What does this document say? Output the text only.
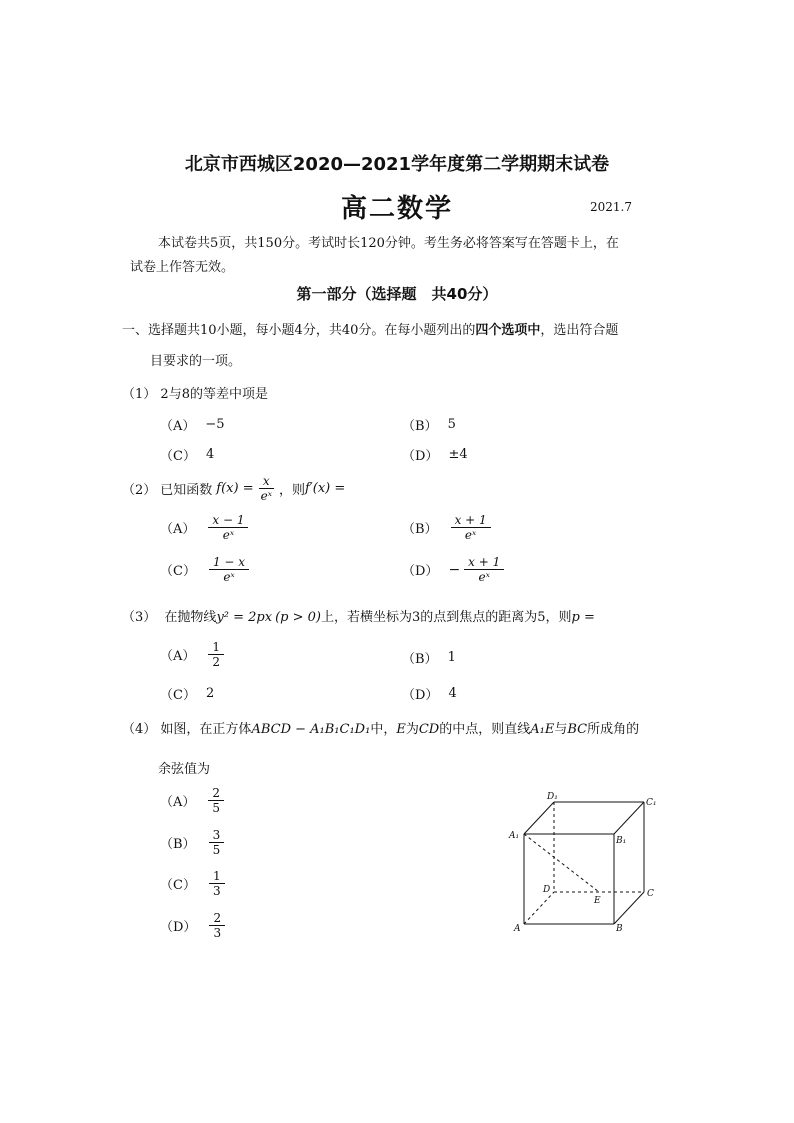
北京市西城区2020—2021学年度第二学期期末试卷
高二数学	2021.7
本试卷共5页，共150分。考试时长120分钟。考生务必将答案写在答题卡上，在
试卷上作答无效。
第一部分（选择题　共40分）
一、选择题共10小题，每小题4分，共40分。在每小题列出的四个选项中，选出符合题
目要求的一项。
（1） 2与8的等差中项是
（A） −5	（B） 5
（C） 4	（D） ±4
（2） 已知函数 $f(x) = \frac{x}{\text{eˣ}}$ ，则 f′(x) =
$(A) \frac{x - 1}{\text{eˣ}}$	$(B) \frac{x + 1}{\text{eˣ}}$
$(C) \frac{1 - x}{\text{eˣ}}$	$(D) - \frac{x + 1}{\text{eˣ}}$
（3） 在抛物线y² = 2px (p > 0)上，若横坐标为3的点到焦点的距离为5，则p =
$(A) \frac{1}{2}$	（B） 1
（C） 2	（D） 4
（4） 如图，在正方体ABCD − A₁B₁C₁D₁中，E为CD的中点，则直线A₁E与BC所成角的
余弦值为
$(A) \frac{2}{5}$
$(B) \frac{3}{5}$
$(C) \frac{1}{3}$
$(D) \frac{2}{3}$
D₁
C₁
A₁	B₁
D
E
C
A	B
